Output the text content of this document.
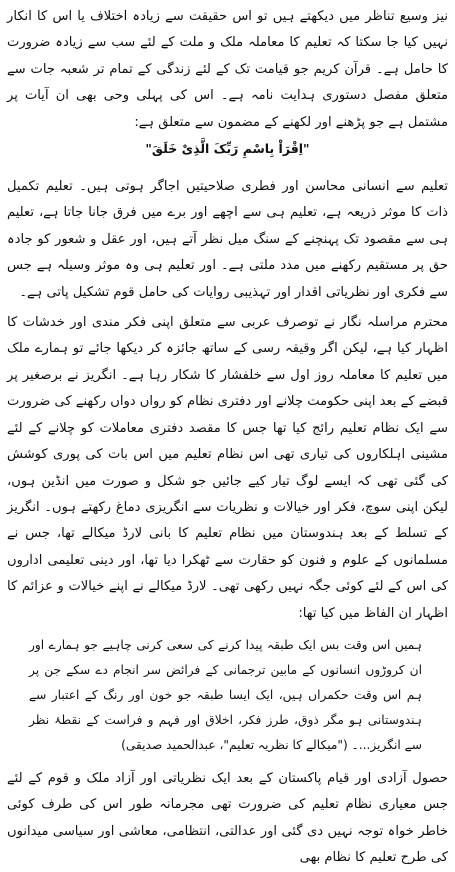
نیز وسیع تناظر میں دیکھتے ہیں تو اس حقیقت سے زیادہ اختلاف یا اس کا انکار نہیں کیا جا سکتا کہ تعلیم کا معاملہ ملک و ملت کے لئے سب سے زیادہ ضرورت کا حامل ہے۔ قرآن کریم جو قیامت تک کے لئے زندگی کے تمام تر شعبہ جات سے متعلق مفصل دستوری ہدایت نامہ ہے۔ اس کی پہلی وحی بھی ان آیات پر مشتمل ہے جو پڑھنے اور لکھنے کے مضمون سے متعلق ہے:

"اِقْرَاْ بِاسْمِ رَبِّکَ الَّذِیْ خَلَقَ"

تعلیم سے انسانی محاسن اور فطری صلاحیتیں اجاگر ہوتی ہیں۔ تعلیم تکمیل ذات کا موثر ذریعہ ہے، تعلیم ہی سے اچھے اور برے میں فرق جانا جاتا ہے، تعلیم ہی سے مقصود تک پہنچنے کے سنگ میل نظر آتے ہیں، اور عقل و شعور کو جادہ حق پر مستقیم رکھنے میں مدد ملتی ہے۔ اور تعلیم ہی وہ موثر وسیلہ ہے جس سے فکری اور نظریاتی اقدار اور تہذیبی روایات کی حامل قوم تشکیل پاتی ہے۔

محترم مراسلہ نگار نے توصرف عربی سے متعلق اپنی فکر مندی اور خدشات کا اظہار کیا ہے، لیکن اگر وقیقہ رسی کے ساتھ جائزہ کر دیکھا جائے تو ہمارے ملک میں تعلیم کا معاملہ روز اول سے خلفشار کا شکار رہا ہے۔ انگریز نے برصغیر پر قبضے کے بعد اپنی حکومت چلانے اور دفتری نظام کو رواں دواں رکھنے کی ضرورت سے ایک نظام تعلیم رائج کیا تھا جس کا مقصد دفتری معاملات کو چلانے کے لئے مشینی اہلکاروں کی تیاری تھی اس نظام تعلیم میں اس بات کی پوری کوشش کی گئی تھی کہ ایسے لوگ تیار کیے جائیں جو شکل و صورت میں انڈین ہوں، لیکن اپنی سوچ، فکر اور خیالات و نظریات سے انگریزی دماغ رکھتے ہوں۔ انگریز کے تسلط کے بعد ہندوستان میں نظام تعلیم کا بانی لارڈ میکالے تھا، جس نے مسلمانوں کے علوم و فنون کو حقارت سے ٹھکرا دیا تھا، اور دینی تعلیمی اداروں کی اس کے لئے کوئی جگہ نہیں رکھی تھی۔ لارڈ میکالے نے اپنے خیالات و عزائم کا اظہار ان الفاظ میں کیا تھا:

ہمیں اس وقت بس ایک طبقہ پیدا کرنے کی سعی کرنی چاہیے جو ہمارے اور ان کروڑوں انسانوں کے مابین ترجمانی کے فرائض سر انجام دے سکے جن پر ہم اس وقت حکمراں ہیں، ایک ایسا طبقہ جو خون اور رنگ کے اعتبار سے ہندوستانی ہو مگر ذوق، طرز فکر، اخلاق اور فہم و فراست کے نقطۂ نظر سے انگریز...۔ ("میکالے کا نظریہ تعلیم"، عبدالحمید صدیقی)

حصول آزادی اور قیام پاکستان کے بعد ایک نظریاتی اور آزاد ملک و قوم کے لئے جس معیاری نظام تعلیم کی ضرورت تھی مجرمانہ طور اس کی طرف کوئی خاطر خواہ توجہ نہیں دی گئی اور عدالتی، انتظامی، معاشی اور سیاسی میدانوں کی طرح تعلیم کا نظام بھی
